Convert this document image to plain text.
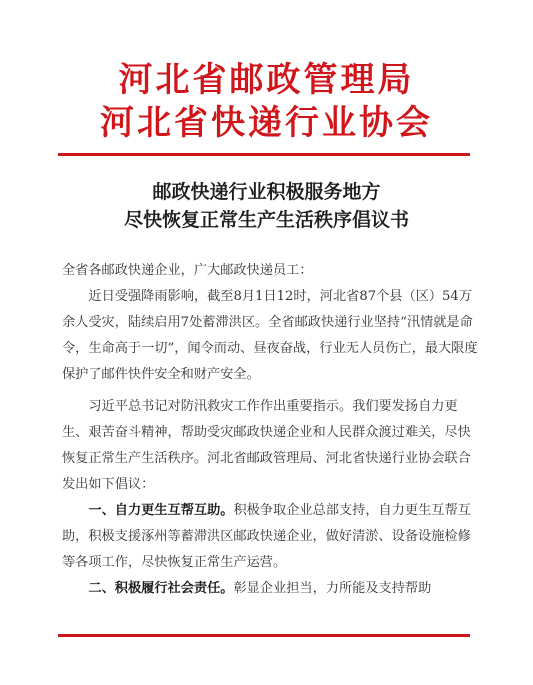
河北省邮政管理局
河北省快递行业协会
邮政快递行业积极服务地方
尽快恢复正常生产生活秩序倡议书

全省各邮政快递企业，广大邮政快递员工：

近日受强降雨影响，截至8月1日12时，河北省87个县（区）54万余人受灾，陆续启用7处蓄滞洪区。全省邮政快递行业坚持“汛情就是命令，生命高于一切”，闻令而动、昼夜奋战，行业无人员伤亡，最大限度保护了邮件快件安全和财产安全。

习近平总书记对防汛救灾工作作出重要指示。我们要发扬自力更生、艰苦奋斗精神，帮助受灾邮政快递企业和人民群众渡过难关，尽快恢复正常生产生活秩序。河北省邮政管理局、河北省快递行业协会联合发出如下倡议：

一、自力更生互帮互助。积极争取企业总部支持，自力更生互帮互助，积极支援涿州等蓄滞洪区邮政快递企业，做好清淤、设备设施检修等各项工作，尽快恢复正常生产运营。

二、积极履行社会责任。彰显企业担当，力所能及支持帮助
